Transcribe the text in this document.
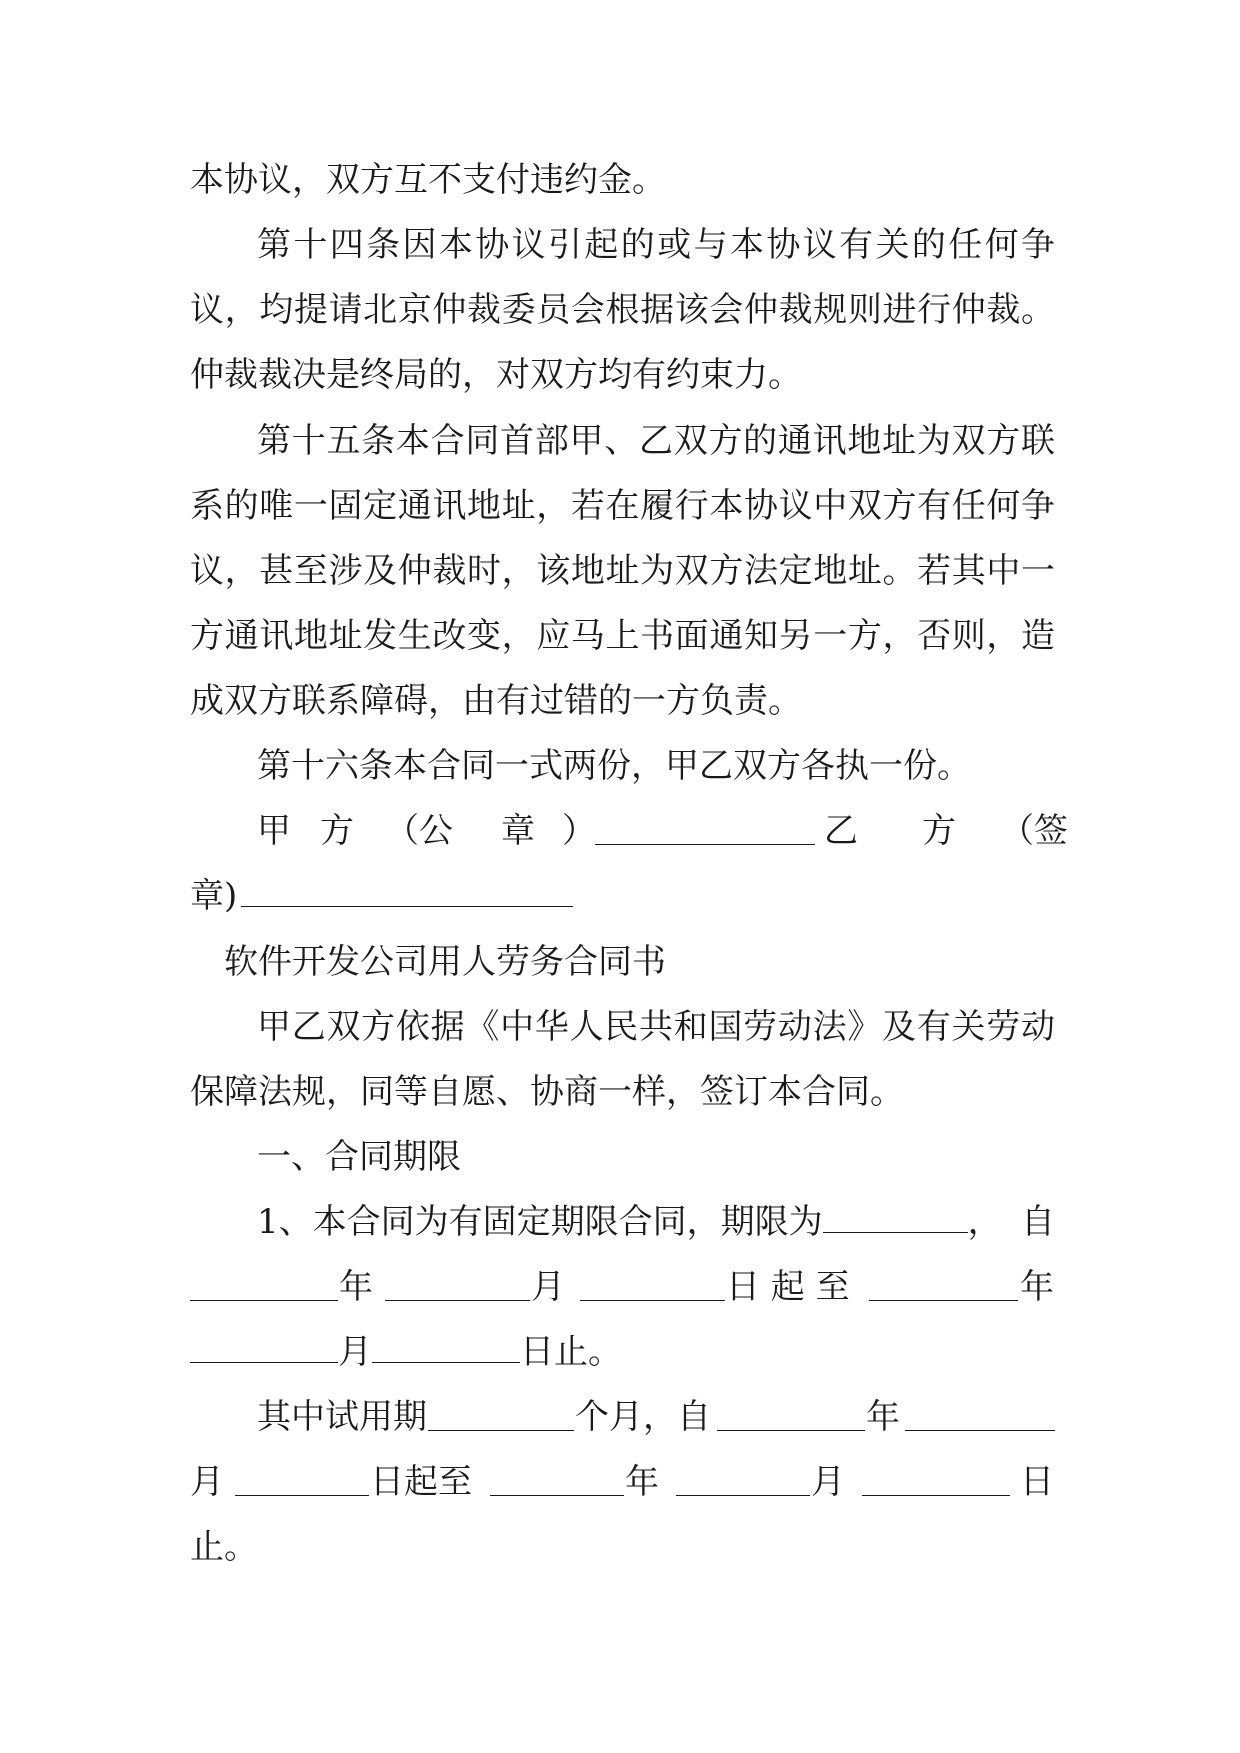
本协议，双方互不支付违约金。
第十四条因本协议引起的或与本协议有关的任何争
议，均提请北京仲裁委员会根据该会仲裁规则进行仲裁。
仲裁裁决是终局的，对双方均有约束力。
第十五条本合同首部甲、乙双方的通讯地址为双方联
系的唯一固定通讯地址，若在履行本协议中双方有任何争
议，甚至涉及仲裁时，该地址为双方法定地址。若其中一
方通讯地址发生改变，应马上书面通知另一方，否则，造
成双方联系障碍，由有过错的一方负责。
第十六条本合同一式两份，甲乙双方各执一份。
甲 方 （公 章 ）	乙 方 （签
章)
软件开发公司用人劳务合同书
甲乙双方依据《中华人民共和国劳动法》及有关劳动
保障法规，同等自愿、协商一样，签订本合同。
一、合同期限
1、本合同为有固定期限合同，期限为	， 自
年	月	日 起 至	年
月	日止。
其中试用期	个月，自	年
月	日起至	年	月	日
止。
